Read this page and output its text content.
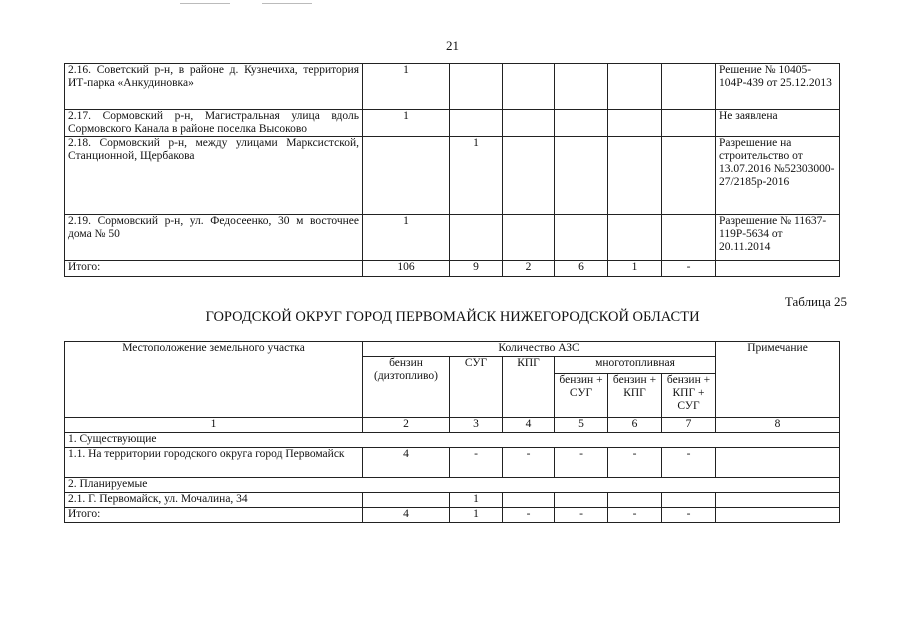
21
2.16. Советский р-н, в районе д. Кузнечиха, территория ИТ-парка «Анкудиновка»	1						Решение № 10405-104Р-439 от 25.12.2013
2.17. Сормовский р-н, Магистральная улица вдоль Сормовского Канала в районе поселка Высоково	1						Не заявлена
2.18. Сормовский р-н, между улицами Марксистской, Станционной, Щербакова		1					Разрешение на строительство от 13.07.2016 №52303000-27/2185р-2016
2.19. Сормовский р-н, ул. Федосеенко, 30 м восточнее дома № 50	1						Разрешение № 11637-119Р-5634 от 20.11.2014
Итого:	106	9	2	6	1	-	
Таблица 25
ГОРОДСКОЙ ОКРУГ ГОРОД ПЕРВОМАЙСК НИЖЕГОРОДСКОЙ ОБЛАСТИ
Местоположение земельного участка	Количество АЗС						Примечание
	бензин (дизтопливо)	СУГ	КПГ	многотопливная			
				бензин + СУГ	бензин + КПГ	бензин + КПГ + СУГ	
1	2	3	4	5	6	7	8
1. Существующие							
1.1. На территории городского округа город Первомайск	4	-	-	-	-	-	
2. Планируемые							
2.1. Г. Первомайск, ул. Мочалина, 34		1					
Итого:	4	1	-	-	-	-	
